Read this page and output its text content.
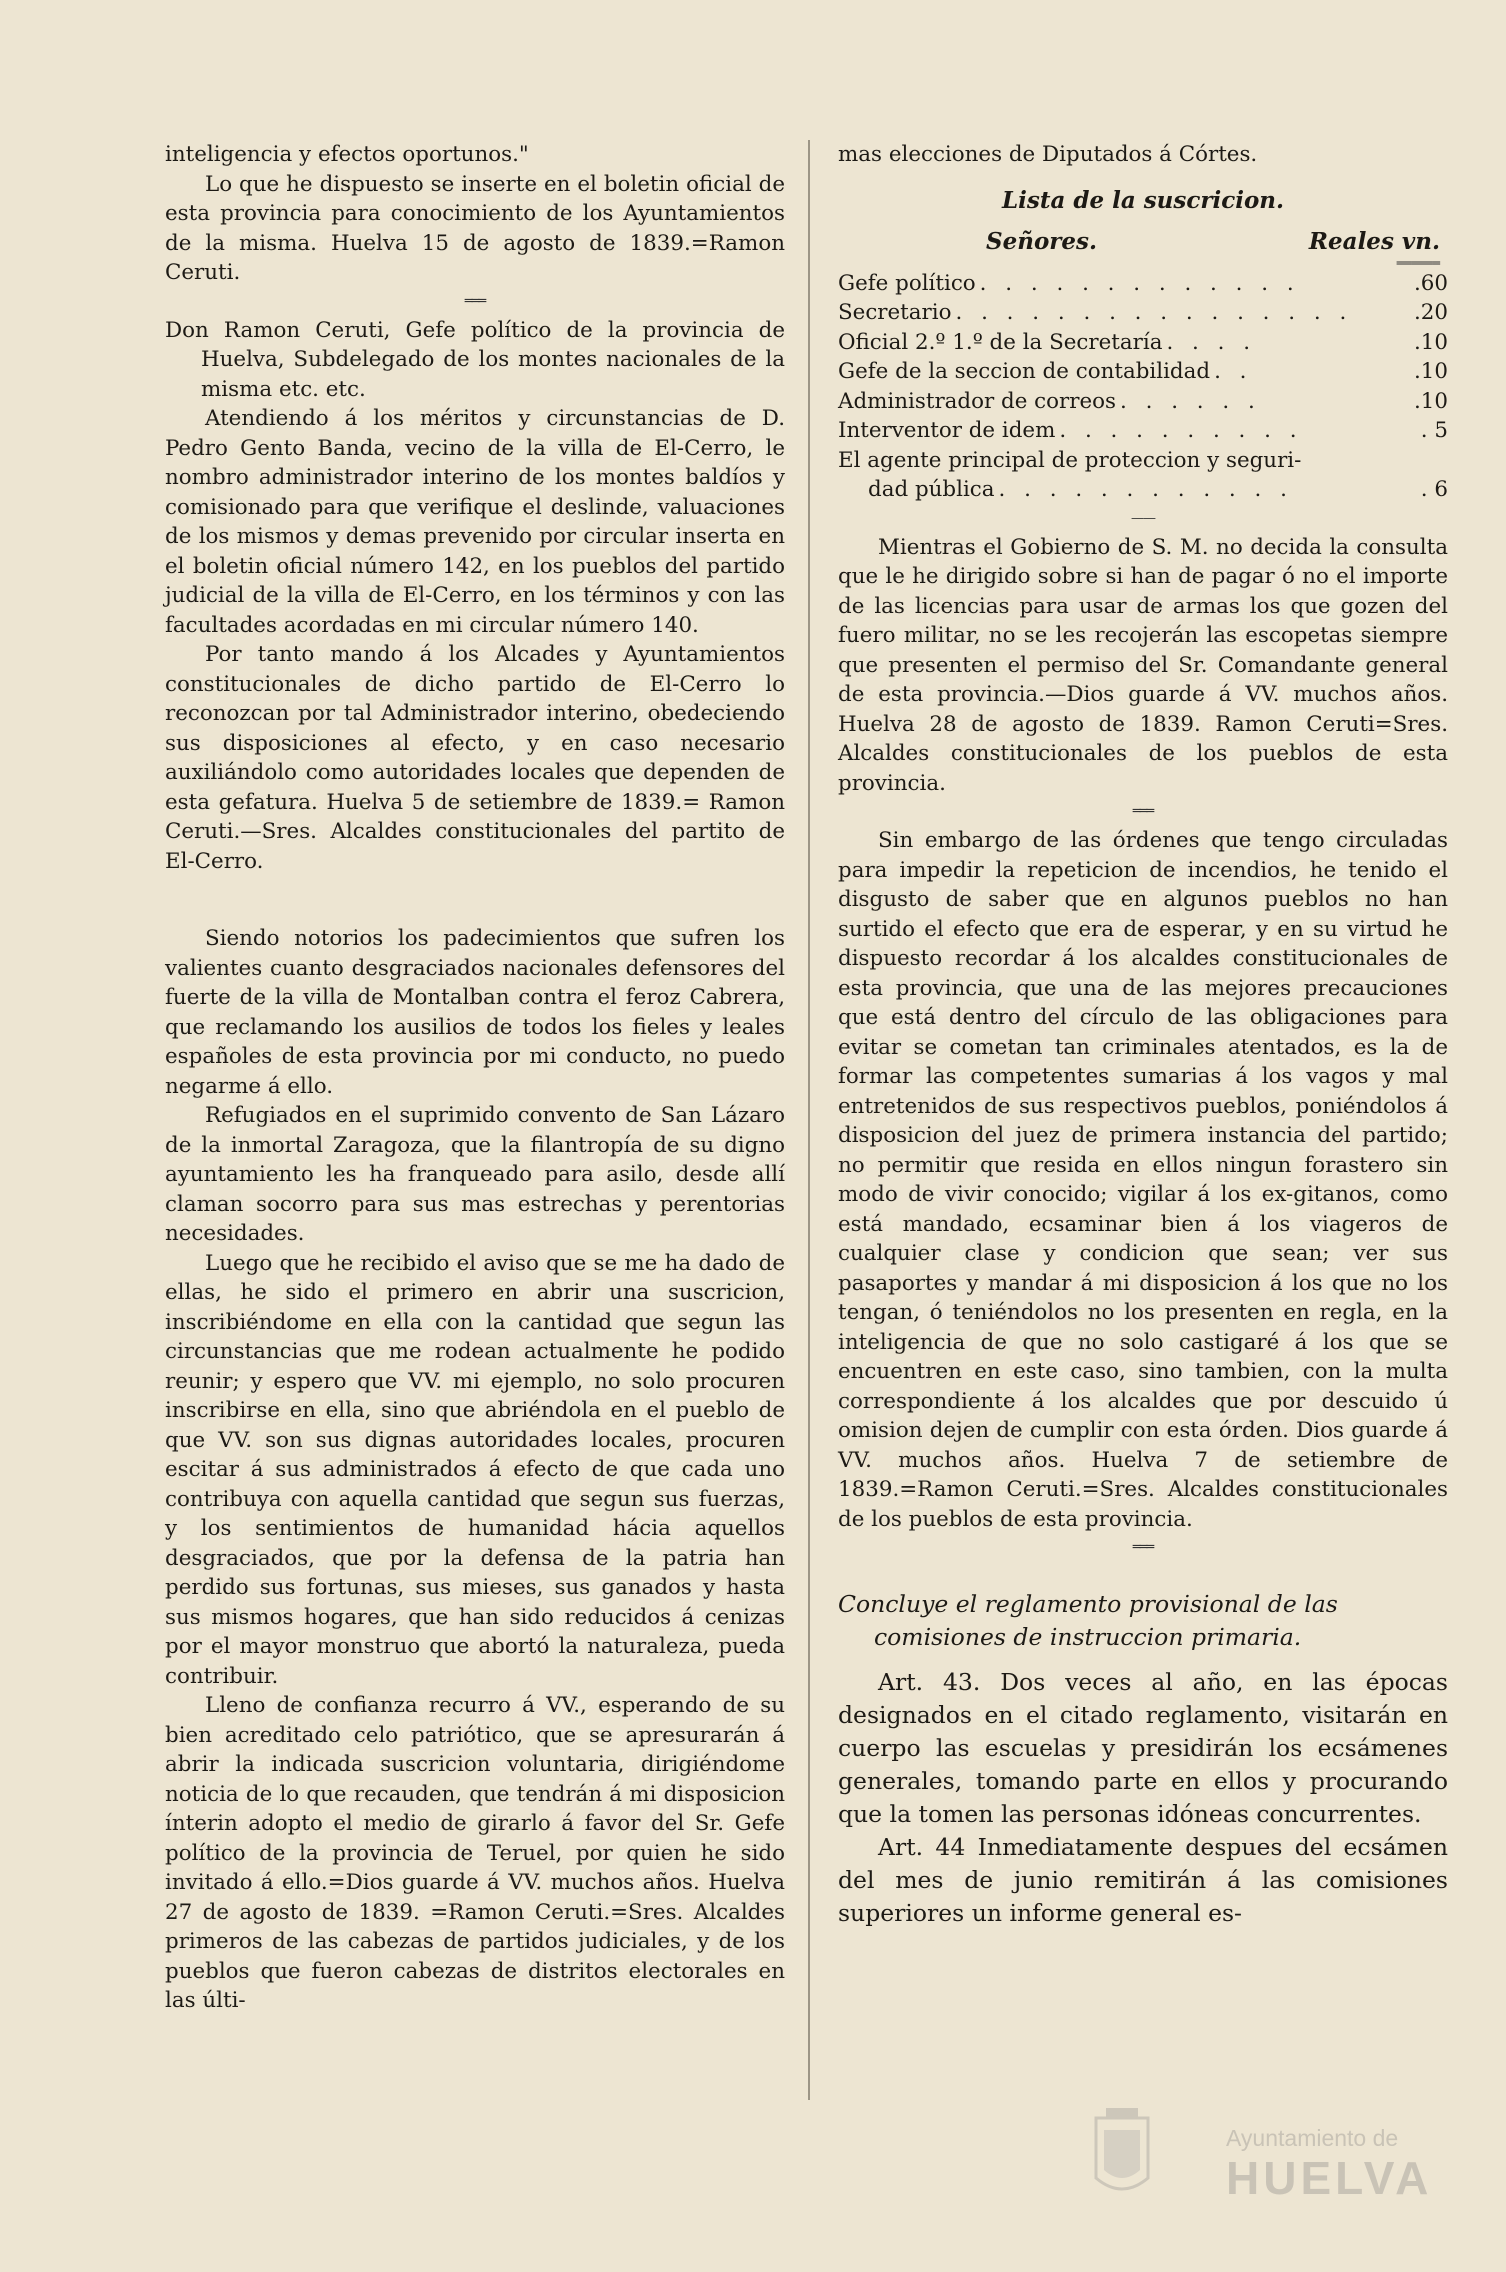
inteligencia y efectos oportunos."

Lo que he dispuesto se inserte en el boletin oficial de esta provincia para conocimiento de los Ayuntamientos de la misma. Huelva 15 de agosto de 1839.=Ramon Ceruti.

═══

Don Ramon Ceruti, Gefe político de la provincia de Huelva, Subdelegado de los montes nacionales de la misma etc. etc.

Atendiendo á los méritos y circunstancias de D. Pedro Gento Banda, vecino de la villa de El-Cerro, le nombro administrador interino de los montes baldíos y comisionado para que verifique el deslinde, valuaciones de los mismos y demas prevenido por circular inserta en el boletin oficial número 142, en los pueblos del partido judicial de la villa de El-Cerro, en los términos y con las facultades acordadas en mi circular número 140.

Por tanto mando á los Alcades y Ayuntamientos constitucionales de dicho partido de El-Cerro lo reconozcan por tal Administrador interino, obedeciendo sus disposiciones al efecto, y en caso necesario auxiliándolo como autoridades locales que dependen de esta gefatura. Huelva 5 de setiembre de 1839.= Ramon Ceruti.—Sres. Alcaldes constitucionales del partito de El-Cerro.

Siendo notorios los padecimientos que sufren los valientes cuanto desgraciados nacionales defensores del fuerte de la villa de Montalban contra el feroz Cabrera, que reclamando los ausilios de todos los fieles y leales españoles de esta provincia por mi conducto, no puedo negarme á ello.

Refugiados en el suprimido convento de San Lázaro de la inmortal Zaragoza, que la filantropía de su digno ayuntamiento les ha franqueado para asilo, desde allí claman socorro para sus mas estrechas y perentorias necesidades.

Luego que he recibido el aviso que se me ha dado de ellas, he sido el primero en abrir una suscricion, inscribiéndome en ella con la cantidad que segun las circunstancias que me rodean actualmente he podido reunir; y espero que VV. mi ejemplo, no solo procuren inscribirse en ella, sino que abriéndola en el pueblo de que VV. son sus dignas autoridades locales, procuren escitar á sus administrados á efecto de que cada uno contribuya con aquella cantidad que segun sus fuerzas, y los sentimientos de humanidad hácia aquellos desgraciados, que por la defensa de la patria han perdido sus fortunas, sus mieses, sus ganados y hasta sus mismos hogares, que han sido reducidos á cenizas por el mayor monstruo que abortó la naturaleza, pueda contribuir.

Lleno de confianza recurro á VV., esperando de su bien acreditado celo patriótico, que se apresurarán á abrir la indicada suscricion voluntaria, dirigiéndome noticia de lo que recauden, que tendrán á mi disposicion ínterin adopto el medio de girarlo á favor del Sr. Gefe político de la provincia de Teruel, por quien he sido invitado á ello.=Dios guarde á VV. muchos años. Huelva 27 de agosto de 1839. =Ramon Ceruti.=Sres. Alcaldes primeros de las cabezas de partidos judiciales, y de los pueblos que fueron cabezas de distritos electorales en las últi-

mas elecciones de Diputados á Córtes.

Lista de la suscricion.
Señores.	Reales vn.
══════
Gefe político . . . . . . . . . . . . .	.60
Secretario . . . . . . . . . . . . . . . .	.20
Oficial 2.º 1.º de la Secretaría . . . .	.10
Gefe de la seccion de contabilidad . .	.10
Administrador de correos . . . . . .	.10
Interventor de idem . . . . . . . . . .	. 5
El agente principal de proteccion y seguri-
dad pública . . . . . . . . . . . .	. 6
——

Mientras el Gobierno de S. M. no decida la consulta que le he dirigido sobre si han de pagar ó no el importe de las licencias para usar de armas los que gozen del fuero militar, no se les recojerán las escopetas siempre que presenten el permiso del Sr. Comandante general de esta provincia.—Dios guarde á VV. muchos años. Huelva 28 de agosto de 1839. Ramon Ceruti=Sres. Alcaldes constitucionales de los pueblos de esta provincia.

═══

Sin embargo de las órdenes que tengo circuladas para impedir la repeticion de incendios, he tenido el disgusto de saber que en algunos pueblos no han surtido el efecto que era de esperar, y en su virtud he dispuesto recordar á los alcaldes constitucionales de esta provincia, que una de las mejores precauciones que está dentro del círculo de las obligaciones para evitar se cometan tan criminales atentados, es la de formar las competentes sumarias á los vagos y mal entretenidos de sus respectivos pueblos, poniéndolos á disposicion del juez de primera instancia del partido; no permitir que resida en ellos ningun forastero sin modo de vivir conocido; vigilar á los ex-gitanos, como está mandado, ecsaminar bien á los viageros de cualquier clase y condicion que sean; ver sus pasaportes y mandar á mi disposicion á los que no los tengan, ó teniéndolos no los presenten en regla, en la inteligencia de que no solo castigaré á los que se encuentren en este caso, sino tambien, con la multa correspondiente á los alcaldes que por descuido ú omision dejen de cumplir con esta órden. Dios guarde á VV. muchos años. Huelva 7 de setiembre de 1839.=Ramon Ceruti.=Sres. Alcaldes constitucionales de los pueblos de esta provincia.

═══
Concluye el reglamento provisional de las comisiones de instruccion primaria.

Art. 43. Dos veces al año, en las épocas designados en el citado reglamento, visitarán en cuerpo las escuelas y presidirán los ecsámenes generales, tomando parte en ellos y procurando que la tomen las personas idóneas concurrentes.

Art. 44 Inmediatamente despues del ecsámen del mes de junio remitirán á las comisiones superiores un informe general es-

Ayuntamiento de
HUELVA
